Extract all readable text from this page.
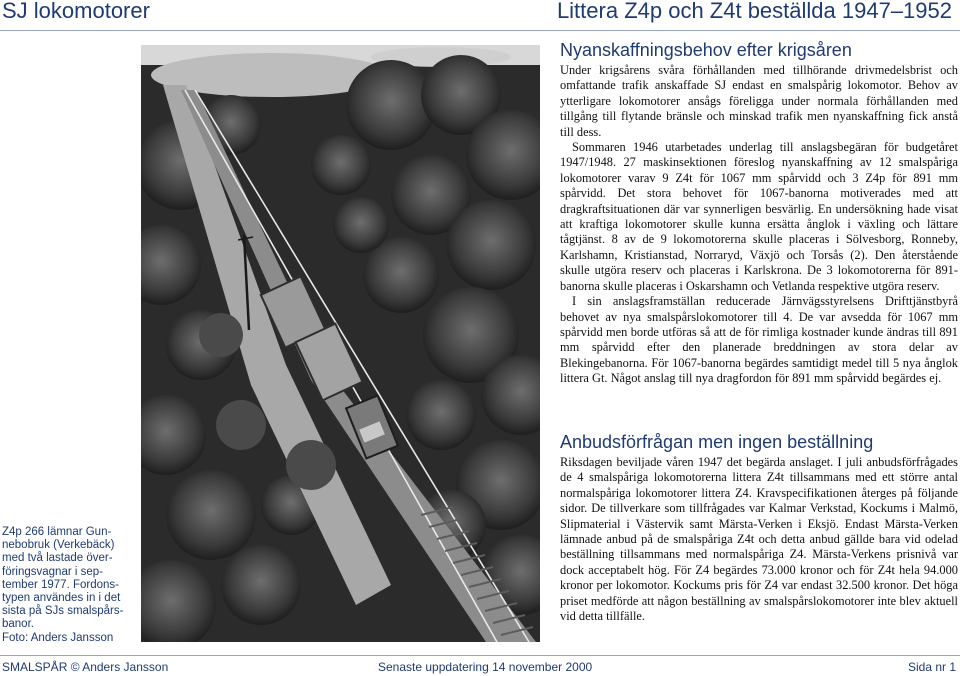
SJ lokomotorer	Littera Z4p och Z4t beställda 1947–1952

Z4p 266 lämnar Gun-nebobruk (Verkebäck) med två lastade över-föringsvagnar i sep-tember 1977. Fordons-typen användes in i det sista på SJs smalspårs-banor.

Foto: Anders Jansson

Nyanskaffningsbehov efter krigsåren

Under krigsårens svåra förhållanden med tillhörande drivmedelsbrist och omfattande trafik anskaffade SJ endast en smalspårig lokomotor. Behov av ytterligare lokomotorer ansågs föreligga under normala förhållanden med tillgång till flytande bränsle och minskad trafik men nyanskaffning fick anstå till dess.

Sommaren 1946 utarbetades underlag till anslagsbegäran för budgetåret 1947/1948. 27 maskinsektionen föreslog nyanskaffning av 12 smalspåriga lokomotorer varav 9 Z4t för 1067 mm spårvidd och 3 Z4p för 891 mm spårvidd. Det stora behovet för 1067-banorna motiverades med att dragkraftsituationen där var synnerligen besvärlig. En undersökning hade visat att kraftiga lokomotorer skulle kunna ersätta ånglok i växling och lättare tågtjänst. 8 av de 9 lokomotorerna skulle placeras i Sölvesborg, Ronneby, Karlshamn, Kristianstad, Norraryd, Växjö och Torsås (2). Den återstående skulle utgöra reserv och placeras i Karlskrona. De 3 lokomotorerna för 891-banorna skulle placeras i Oskarshamn och Vetlanda respektive utgöra reserv.

I sin anslagsframställan reducerade Järnvägsstyrelsens Drifttjänstbyrå behovet av nya smalspårslokomotorer till 4. De var avsedda för 1067 mm spårvidd men borde utföras så att de för rimliga kostnader kunde ändras till 891 mm spårvidd efter den planerade breddningen av stora delar av Blekingebanorna. För 1067-banorna begärdes samtidigt medel till 5 nya ånglok littera Gt. Något anslag till nya dragfordon för 891 mm spårvidd begärdes ej.

Anbudsförfrågan men ingen beställning

Riksdagen beviljade våren 1947 det begärda anslaget. I juli anbudsförfrågades de 4 smalspåriga lokomotorerna littera Z4t tillsammans med ett större antal normalspåriga lokomotorer littera Z4. Kravspecifikationen återges på följande sidor. De tillverkare som tillfrågades var Kalmar Verkstad, Kockums i Malmö, Slipmaterial i Västervik samt Märsta-Verken i Eksjö. Endast Märsta-Verken lämnade anbud på de smalspåriga Z4t och detta anbud gällde bara vid odelad beställning tillsammans med normalspåriga Z4. Märsta-Verkens prisnivå var dock acceptabelt hög. För Z4 begärdes 73.000 kronor och för Z4t hela 94.000 kronor per lokomotor. Kockums pris för Z4 var endast 32.500 kronor. Det höga priset medförde att någon beställning av smalspårslokomotorer inte blev aktuell vid detta tillfälle.

SMALSPÅR © Anders Jansson	Senaste uppdatering 14 november 2000	Sida nr 1
